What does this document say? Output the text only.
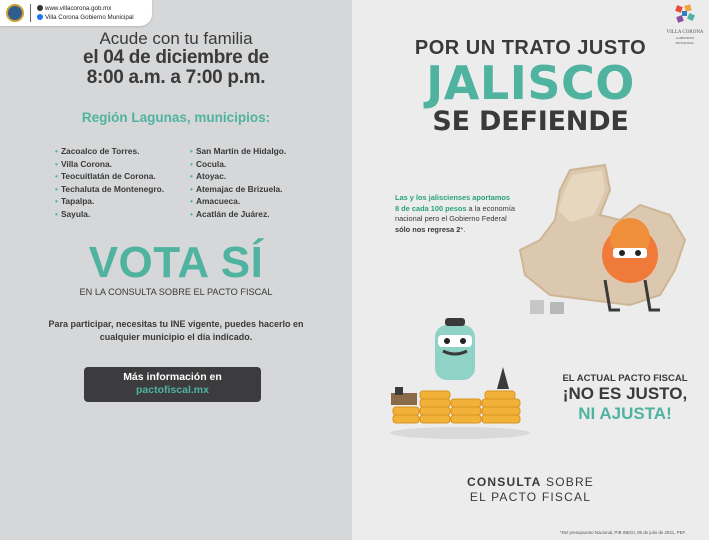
www.villacorona.gob.mx
Villa Corona Gobierno Municipal
Acude con tu familia
el 04 de diciembre de
8:00 a.m. a 7:00 p.m.
Región Lagunas, municipios:
• Zacoalco de Torres.
• Villa Corona.
• Teocuitlatán de Corona.
• Techaluta de Montenegro.
• Tapalpa.
• Sayula.
• San Martín de Hidalgo.
• Cocula.
• Atoyac.
• Atemajac de Brizuela.
• Amacueca.
• Acatlán de Juárez.
VOTA SÍ
EN LA CONSULTA SOBRE EL PACTO FISCAL
Para participar, necesitas tu INE vigente, puedes hacerlo en cualquier municipio el día indicado.
Más información en
pactofiscal.mx
VILLA CORONA
GOBIERNO MUNICIPAL
POR UN TRATO JUSTO
JALISCO
SE DEFIENDE
Las y los jaliscienses aportamos 8 de cada 100 pesos a la economía nacional pero el Gobierno Federal sólo nos regresa 2*.
EL ACTUAL PACTO FISCAL
¡NO ES JUSTO,
NI AJUSTA!
CONSULTA SOBRE
EL PACTO FISCAL
*Del presupuesto Nacional, PIB INEGI, 08 de julio de 2021, PEF.
